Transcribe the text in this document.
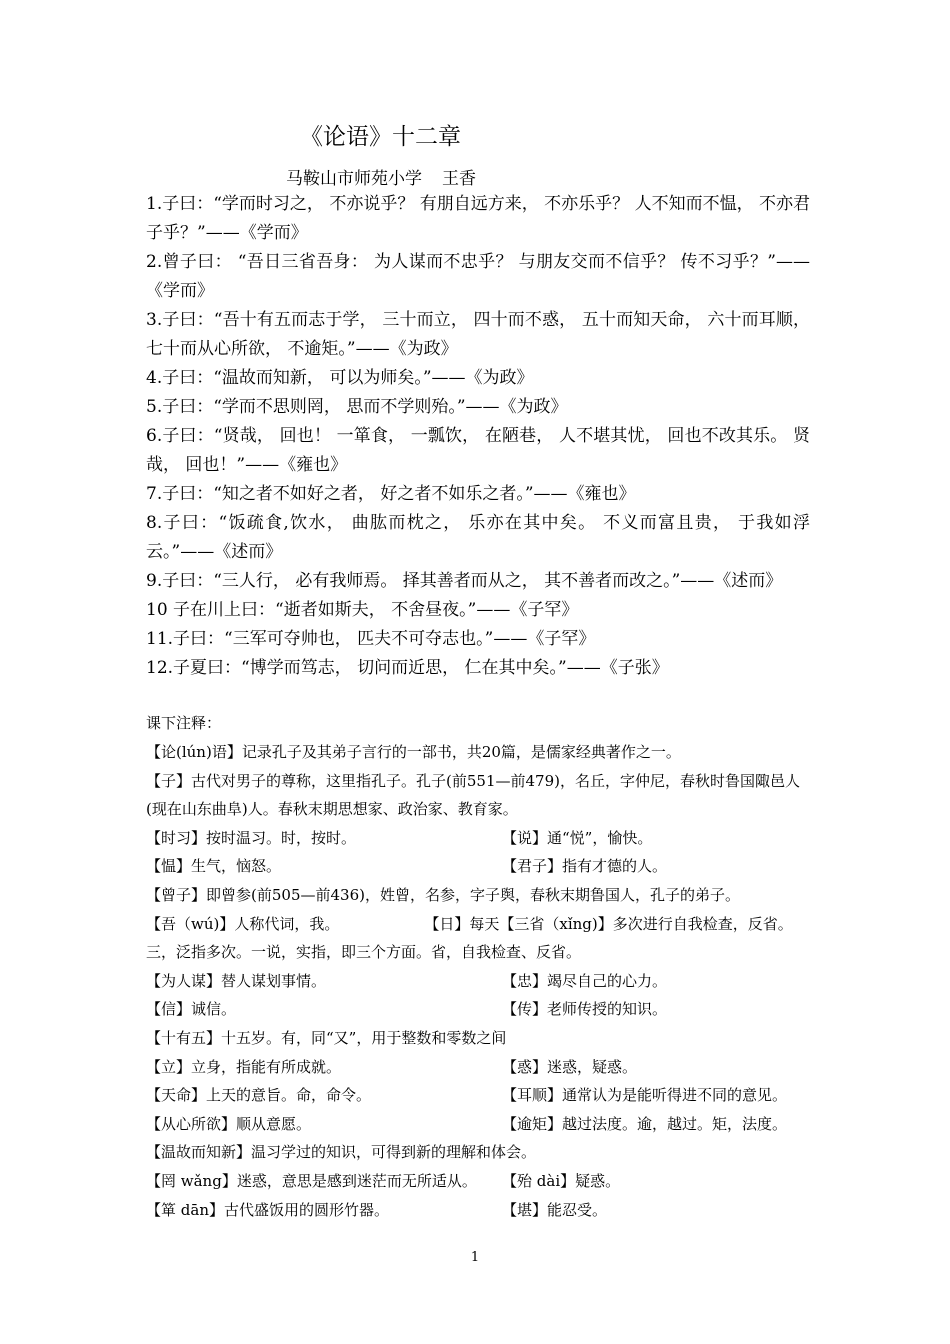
《论语》十二章
马鞍山市师苑小学 王香

1.子曰：“学而时习之， 不亦说乎？ 有朋自远方来， 不亦乐乎？ 人不知而不愠， 不亦君子乎？”——《学而》

2.曾子曰： “吾日三省吾身： 为人谋而不忠乎？ 与朋友交而不信乎？ 传不习乎？”——《学而》

3.子曰：“吾十有五而志于学， 三十而立， 四十而不惑， 五十而知天命， 六十而耳顺， 七十而从心所欲， 不逾矩。”——《为政》

4.子曰：“温故而知新， 可以为师矣。”——《为政》

5.子曰：“学而不思则罔， 思而不学则殆。”——《为政》

6.子曰：“贤哉， 回也！ 一箪食， 一瓢饮， 在陋巷， 人不堪其忧， 回也不改其乐。 贤哉， 回也！”——《雍也》

7.子曰：“知之者不如好之者， 好之者不如乐之者。”——《雍也》

8.子曰：“饭疏食,饮水， 曲肱而枕之， 乐亦在其中矣。 不义而富且贵， 于我如浮云。”——《述而》

9.子曰：“三人行， 必有我师焉。 择其善者而从之， 其不善者而改之。”——《述而》

10 子在川上曰：“逝者如斯夫， 不舍昼夜。”——《子罕》

11.子曰：“三军可夺帅也， 匹夫不可夺志也。”——《子罕》

12.子夏曰：“博学而笃志， 切问而近思， 仁在其中矣。”——《子张》

课下注释：

【论(lún)语】记录孔子及其弟子言行的一部书，共20篇，是儒家经典著作之一。

【子】古代对男子的尊称，这里指孔子。孔子(前551—前479)，名丘，字仲尼，春秋时鲁国陬邑人(现在山东曲阜)人。春秋末期思想家、政治家、教育家。

【时习】按时温习。时，按时。	【说】通“悦”，愉快。
【愠】生气，恼怒。	【君子】指有才德的人。

【曾子】即曾参(前505—前436)，姓曾，名参，字子舆，春秋末期鲁国人，孔子的弟子。

【吾（wú)】人称代词，我。	【日】每天【三省（xǐng)】多次进行自我检查，反省。三，泛指多次。一说，实指，即三个方面。省，自我检查、反省。

【为人谋】替人谋划事情。	【忠】竭尽自己的心力。
【信】诚信。	【传】老师传授的知识。

【十有五】十五岁。有，同“又”，用于整数和零数之间

【立】立身，指能有所成就。	【惑】迷惑，疑惑。
【天命】上天的意旨。命，命令。	【耳顺】通常认为是能听得进不同的意见。
【从心所欲】顺从意愿。	【逾矩】越过法度。逾，越过。矩，法度。

【温故而知新】温习学过的知识，可得到新的理解和体会。

【罔 wǎng】迷惑，意思是感到迷茫而无所适从。	【殆 dài】疑惑。
【箪 dān】古代盛饭用的圆形竹器。	【堪】能忍受。
1
